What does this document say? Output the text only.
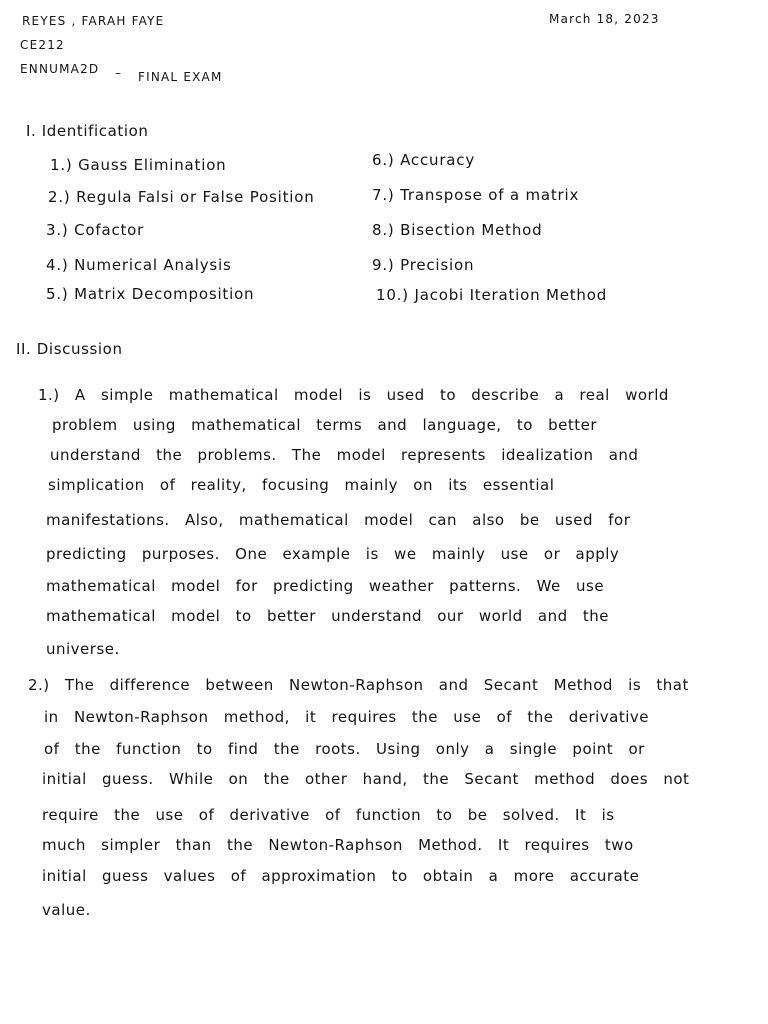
REYES , FARAH FAYE
CE212
ENNUMA2D – FINAL EXAM
March 18, 2023
I. Identification
1.) Gauss Elimination
2.) Regula Falsi or False Position
3.) Cofactor
4.) Numerical Analysis
5.) Matrix Decomposition
6.) Accuracy
7.) Transpose of a matrix
8.) Bisection Method
9.) Precision
10.) Jacobi Iteration Method
II. Discussion
1.) A simple mathematical model is used to describe a real world
problem using mathematical terms and language, to better
understand the problems. The model represents idealization and
simplication of reality, focusing mainly on its essential
manifestations. Also, mathematical model can also be used for
predicting purposes. One example is we mainly use or apply
mathematical model for predicting weather patterns. We use
mathematical model to better understand our world and the
universe.
2.) The difference between Newton-Raphson and Secant Method is that
in Newton-Raphson method, it requires the use of the derivative
of the function to find the roots. Using only a single point or
initial guess. While on the other hand, the Secant method does not
require the use of derivative of function to be solved. It is
much simpler than the Newton-Raphson Method. It requires two
initial guess values of approximation to obtain a more accurate
value.
